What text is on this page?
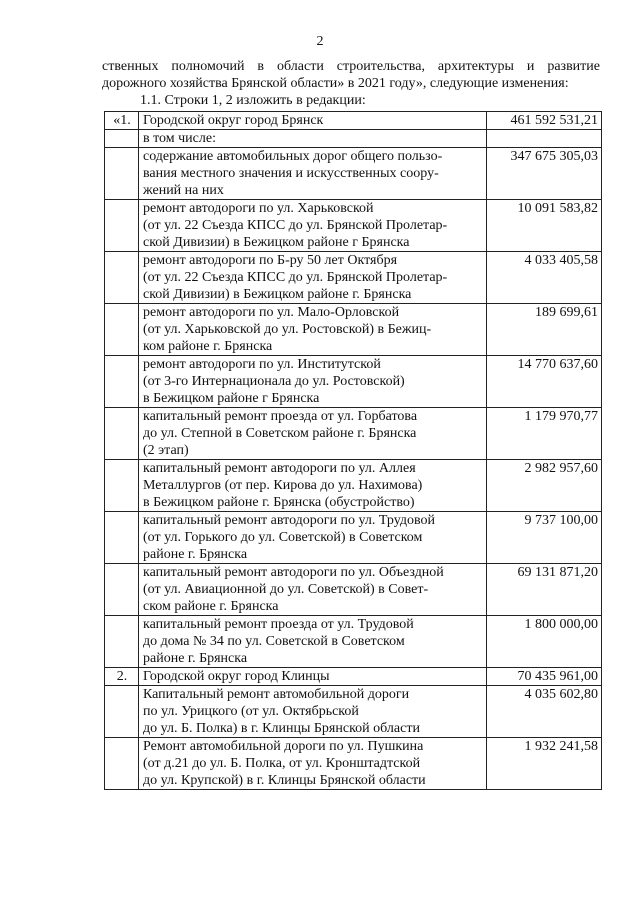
2
ственных полномочий в области строительства, архитектуры и развитие
дорожного хозяйства Брянской области» в 2021 году», следующие изменения:
1.1. Строки 1, 2 изложить в редакции:
«1.	Городской округ город Брянск	461 592 531,21

	в том числе:	

	содержание автомобильных дорог общего пользо-
вания местного значения и искусственных соору-
жений на них	347 675 305,03

	ремонт автодороги по ул. Харьковской
(от ул. 22 Съезда КПСС до ул. Брянской Пролетар-
ской Дивизии) в Бежицком районе г Брянска	10 091 583,82

	ремонт автодороги по Б-ру 50 лет Октября
(от ул. 22 Съезда КПСС до ул. Брянской Пролетар-
ской Дивизии) в Бежицком районе г. Брянска	4 033 405,58

	ремонт автодороги по ул. Мало-Орловской
(от ул. Харьковской до ул. Ростовской) в Бежиц-
ком районе г. Брянска	189 699,61

	ремонт автодороги по ул. Институтской
(от 3-го Интернационала до ул. Ростовской)
в Бежицком районе г Брянска	14 770 637,60

	капитальный ремонт проезда от ул. Горбатова
до ул. Степной в Советском районе г. Брянска
(2 этап)	1 179 970,77

	капитальный ремонт автодороги по ул. Аллея
Металлургов (от пер. Кирова до ул. Нахимова)
в Бежицком районе г. Брянска (обустройство)	2 982 957,60

	капитальный ремонт автодороги по ул. Трудовой
(от ул. Горького до ул. Советской) в Советском
районе г. Брянска	9 737 100,00

	капитальный ремонт автодороги по ул. Объездной
(от ул. Авиационной до ул. Советской) в Совет-
ском районе г. Брянска	69 131 871,20

	капитальный ремонт проезда от ул. Трудовой
до дома № 34 по ул. Советской в Советском
районе г. Брянска	1 800 000,00
2.	Городской округ город Клинцы	70 435 961,00

	Капитальный ремонт автомобильной дороги
по ул. Урицкого (от ул. Октябрьской
до ул. Б. Полка) в г. Клинцы Брянской области	4 035 602,80

	Ремонт автомобильной дороги по ул. Пушкина
(от д.21 до ул. Б. Полка, от ул. Кронштадтской
до ул. Крупской) в г. Клинцы Брянской области	1 932 241,58
